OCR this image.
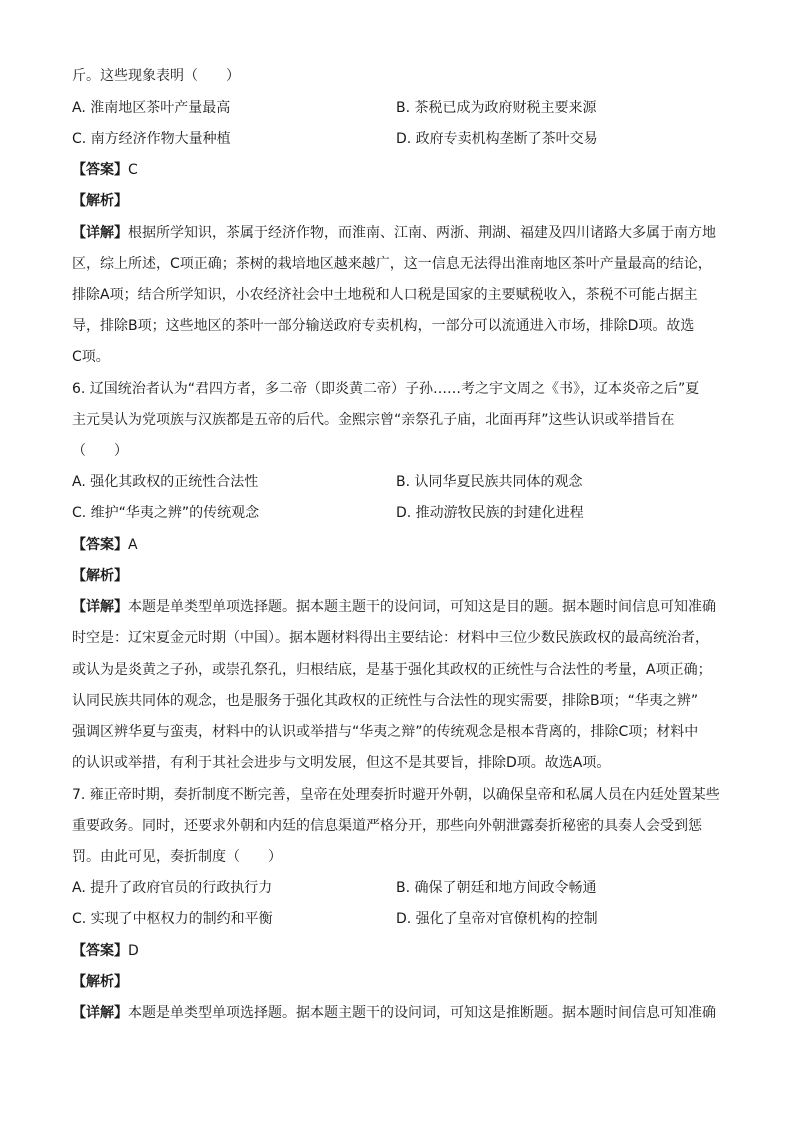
斤。这些现象表明（　　）
A. 淮南地区茶叶产量最高	B. 茶税已成为政府财税主要来源
C. 南方经济作物大量种植	D. 政府专卖机构垄断了茶叶交易
【答案】C
【解析】
【详解】根据所学知识，茶属于经济作物，而淮南、江南、两浙、荆湖、福建及四川诸路大多属于南方地
区，综上所述，C项正确；茶树的栽培地区越来越广，这一信息无法得出淮南地区茶叶产量最高的结论，
排除A项；结合所学知识，小农经济社会中土地税和人口税是国家的主要赋税收入，茶税不可能占据主
导，排除B项；这些地区的茶叶一部分输送政府专卖机构，一部分可以流通进入市场，排除D项。故选
C项。
6. 辽国统治者认为“君四方者，多二帝（即炎黄二帝）子孙……考之宇文周之《书》，辽本炎帝之后”夏
主元昊认为党项族与汉族都是五帝的后代。金熙宗曾“亲祭孔子庙，北面再拜”这些认识或举措旨在
（　　）
A. 强化其政权的正统性合法性	B. 认同华夏民族共同体的观念
C. 维护“华夷之辨”的传统观念	D. 推动游牧民族的封建化进程
【答案】A
【解析】
【详解】本题是单类型单项选择题。据本题主题干的设问词，可知这是目的题。据本题时间信息可知准确
时空是：辽宋夏金元时期（中国）。据本题材料得出主要结论：材料中三位少数民族政权的最高统治者，
或认为是炎黄之子孙，或崇孔祭孔，归根结底，是基于强化其政权的正统性与合法性的考量，A项正确；
认同民族共同体的观念，也是服务于强化其政权的正统性与合法性的现实需要，排除B项；“华夷之辨”
强调区辨华夏与蛮夷，材料中的认识或举措与“华夷之辩”的传统观念是根本背离的，排除C项；材料中
的认识或举措，有利于其社会进步与文明发展，但这不是其要旨，排除D项。故选A项。
7. 雍正帝时期，奏折制度不断完善，皇帝在处理奏折时避开外朝，以确保皇帝和私属人员在内廷处置某些
重要政务。同时，还要求外朝和内廷的信息渠道严格分开，那些向外朝泄露奏折秘密的具奏人会受到惩
罚。由此可见，奏折制度（　　）
A. 提升了政府官员的行政执行力	B. 确保了朝廷和地方间政令畅通
C. 实现了中枢权力的制约和平衡	D. 强化了皇帝对官僚机构的控制
【答案】D
【解析】
【详解】本题是单类型单项选择题。据本题主题干的设问词，可知这是推断题。据本题时间信息可知准确
